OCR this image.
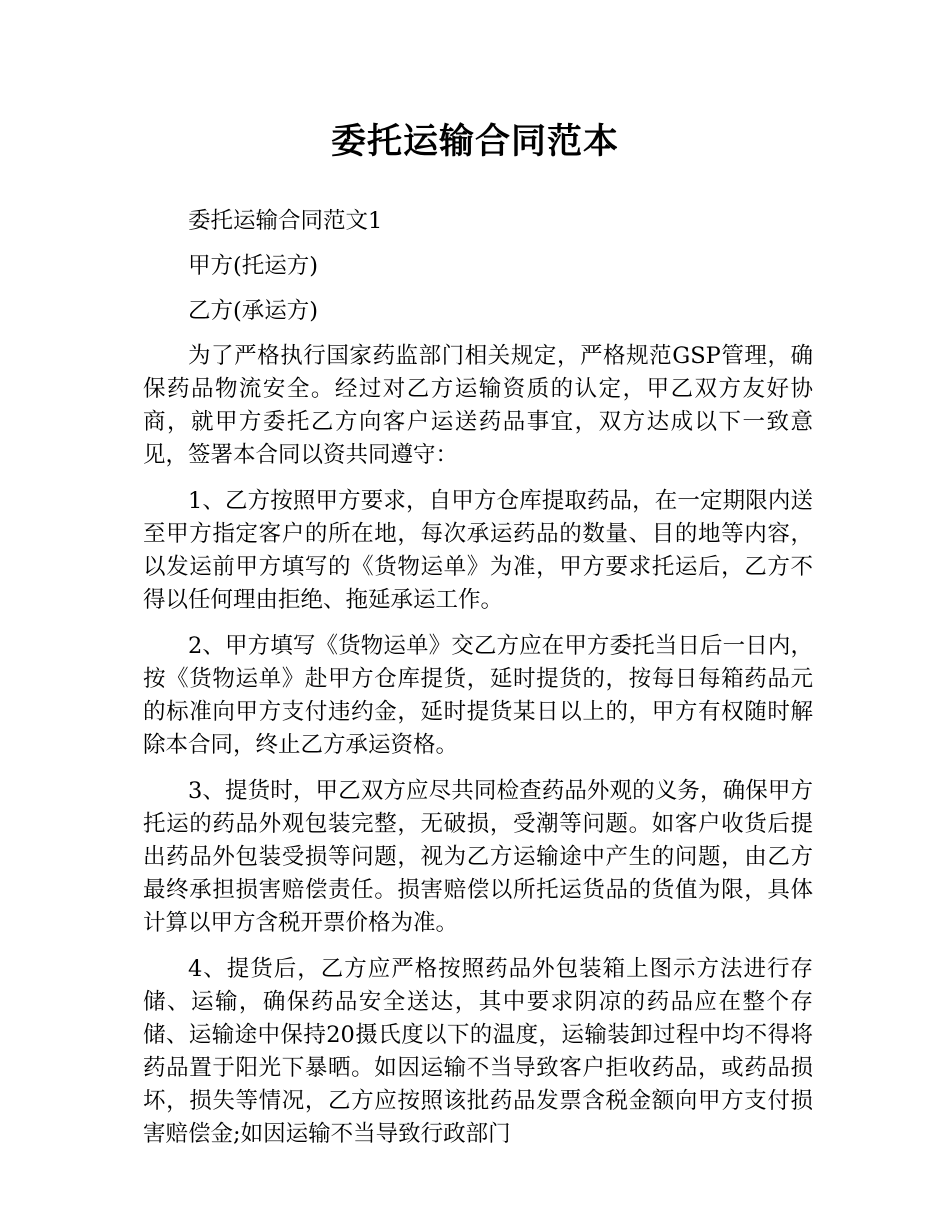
委托运输合同范本

委托运输合同范文1

甲方(托运方)

乙方(承运方)

为了严格执行国家药监部门相关规定，严格规范GSP管理，确保药品物流安全。经过对乙方运输资质的认定，甲乙双方友好协商，就甲方委托乙方向客户运送药品事宜，双方达成以下一致意见，签署本合同以资共同遵守：

1、乙方按照甲方要求，自甲方仓库提取药品，在一定期限内送至甲方指定客户的所在地，每次承运药品的数量、目的地等内容，以发运前甲方填写的《货物运单》为准，甲方要求托运后，乙方不得以任何理由拒绝、拖延承运工作。

2、甲方填写《货物运单》交乙方应在甲方委托当日后一日内，按《货物运单》赴甲方仓库提货，延时提货的，按每日每箱药品元的标准向甲方支付违约金，延时提货某日以上的，甲方有权随时解除本合同，终止乙方承运资格。

3、提货时，甲乙双方应尽共同检查药品外观的义务，确保甲方托运的药品外观包装完整，无破损，受潮等问题。如客户收货后提出药品外包装受损等问题，视为乙方运输途中产生的问题，由乙方最终承担损害赔偿责任。损害赔偿以所托运货品的货值为限，具体计算以甲方含税开票价格为准。

4、提货后，乙方应严格按照药品外包装箱上图示方法进行存储、运输，确保药品安全送达，其中要求阴凉的药品应在整个存储、运输途中保持20摄氏度以下的温度，运输装卸过程中均不得将药品置于阳光下暴晒。如因运输不当导致客户拒收药品，或药品损坏，损失等情况，乙方应按照该批药品发票含税金额向甲方支付损害赔偿金;如因运输不当导致行政部门
